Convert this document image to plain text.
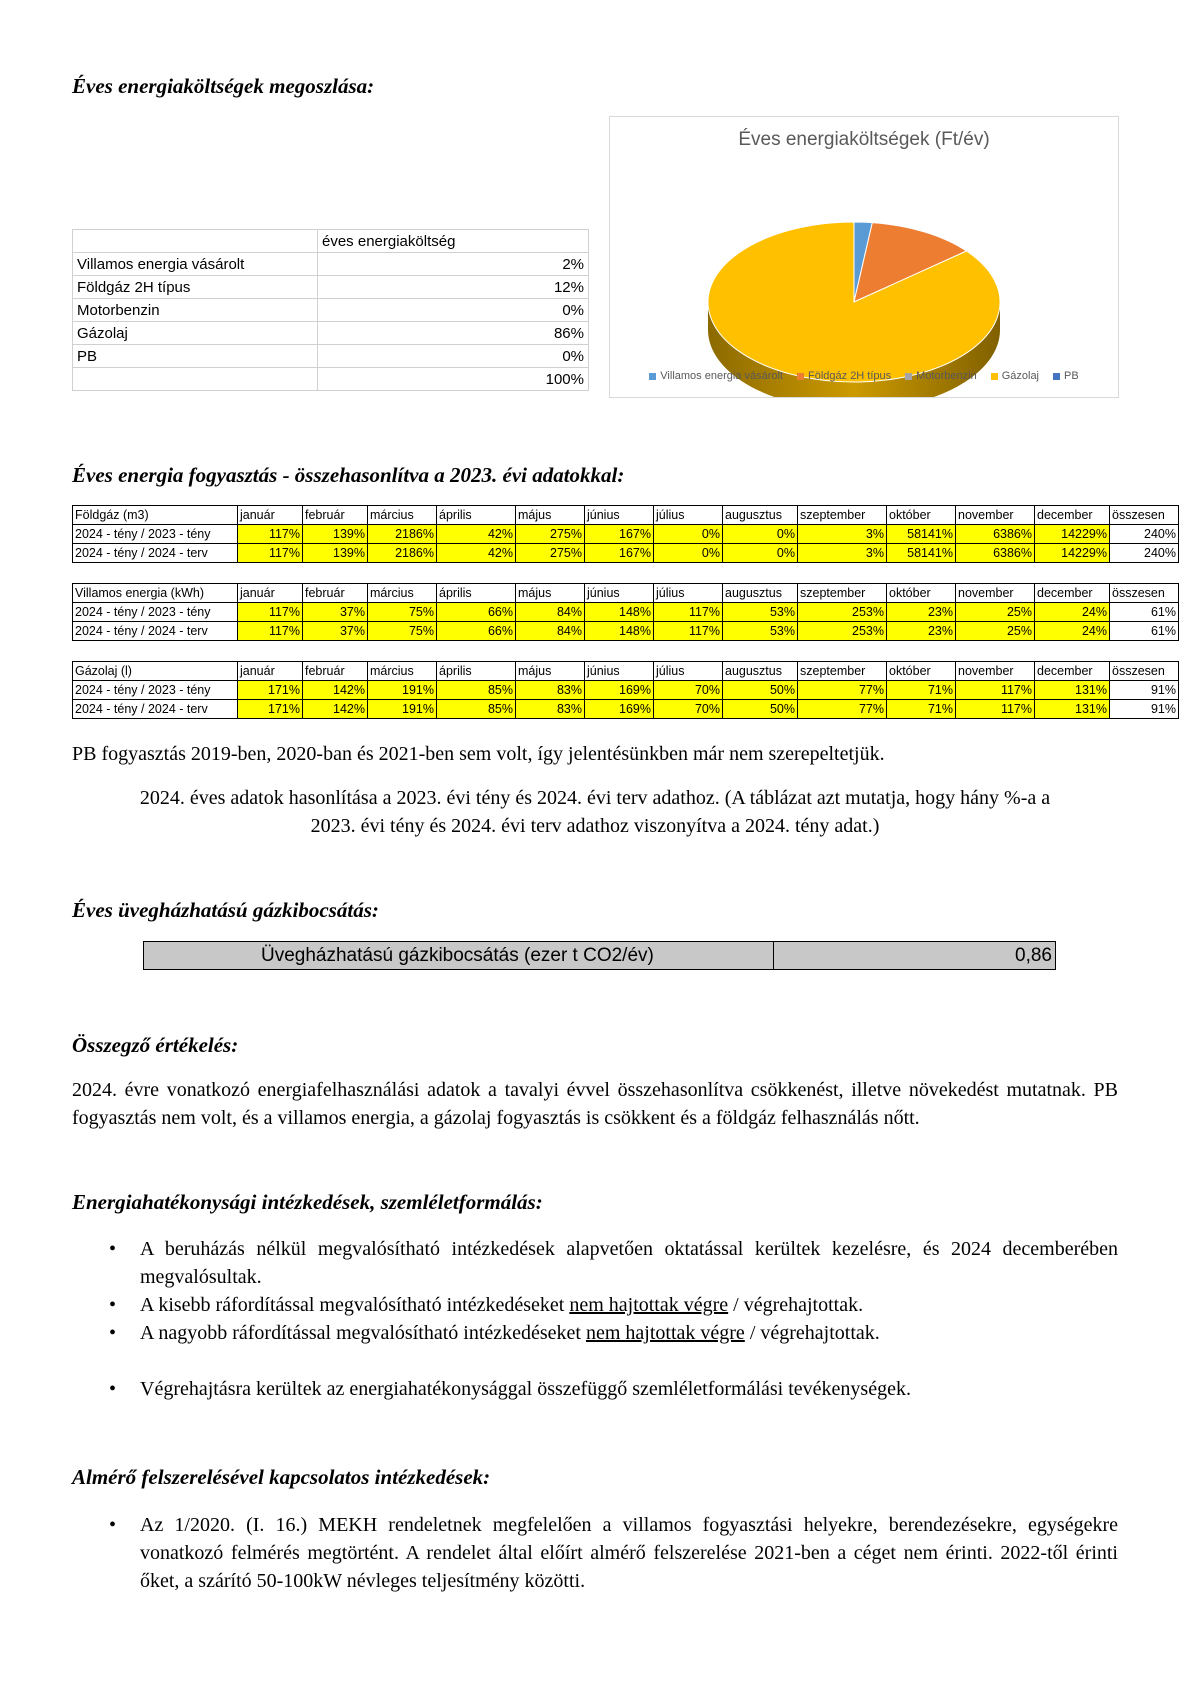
Éves energiaköltségek megoszlása:
	éves energiaköltség
Villamos energia vásárolt	2%
Földgáz 2H típus	12%
Motorbenzin	0%
Gázolaj	86%
PB	0%
	100%
Éves energiaköltségek (Ft/év)
Villamos energia vásárolt Földgáz 2H típus Motorbenzin Gázolaj PB
Éves energia fogyasztás - összehasonlítva a 2023. évi adatokkal:
Földgáz (m3)	január	február	március	április	május	június	július	augusztus	szeptember	október	november	december	összesen
2024 - tény / 2023 - tény	117%	139%	2186%	42%	275%	167%	0%	0%	3%	58141%	6386%	14229%	240%
2024 - tény / 2024 - terv	117%	139%	2186%	42%	275%	167%	0%	0%	3%	58141%	6386%	14229%	240%
Villamos energia (kWh)	január	február	március	április	május	június	július	augusztus	szeptember	október	november	december	összesen
2024 - tény / 2023 - tény	117%	37%	75%	66%	84%	148%	117%	53%	253%	23%	25%	24%	61%
2024 - tény / 2024 - terv	117%	37%	75%	66%	84%	148%	117%	53%	253%	23%	25%	24%	61%
Gázolaj (l)	január	február	március	április	május	június	július	augusztus	szeptember	október	november	december	összesen
2024 - tény / 2023 - tény	171%	142%	191%	85%	83%	169%	70%	50%	77%	71%	117%	131%	91%
2024 - tény / 2024 - terv	171%	142%	191%	85%	83%	169%	70%	50%	77%	71%	117%	131%	91%
PB fogyasztás 2019-ben, 2020-ban és 2021-ben sem volt, így jelentésünkben már nem szerepeltetjük.
2024. éves adatok hasonlítása a 2023. évi tény és 2024. évi terv adathoz. (A táblázat azt mutatja, hogy hány %-a a
2023. évi tény és 2024. évi terv adathoz viszonyítva a 2024. tény adat.)
Éves üvegházhatású gázkibocsátás:
Üvegházhatású gázkibocsátás (ezer t CO2/év)	0,86
Összegző értékelés:
2024. évre vonatkozó energiafelhasználási adatok a tavalyi évvel összehasonlítva csökkenést, illetve növekedést mutatnak. PB fogyasztás nem volt, és a villamos energia, a gázolaj fogyasztás is csökkent és a földgáz felhasználás nőtt.
Energiahatékonysági intézkedések, szemléletformálás:
• A beruházás nélkül megvalósítható intézkedések alapvetően oktatással kerültek kezelésre, és 2024 decemberében megvalósultak.
• A kisebb ráfordítással megvalósítható intézkedéseket nem hajtottak végre / végrehajtottak.
• A nagyobb ráfordítással megvalósítható intézkedéseket nem hajtottak végre / végrehajtottak.
• Végrehajtásra kerültek az energiahatékonysággal összefüggő szemléletformálási tevékenységek.
Almérő felszerelésével kapcsolatos intézkedések:
• Az 1/2020. (I. 16.) MEKH rendeletnek megfelelően a villamos fogyasztási helyekre, berendezésekre, egységekre vonatkozó felmérés megtörtént. A rendelet által előírt almérő felszerelése 2021-ben a céget nem érinti. 2022-től érinti őket, a szárító 50-100kW névleges teljesítmény közötti.
